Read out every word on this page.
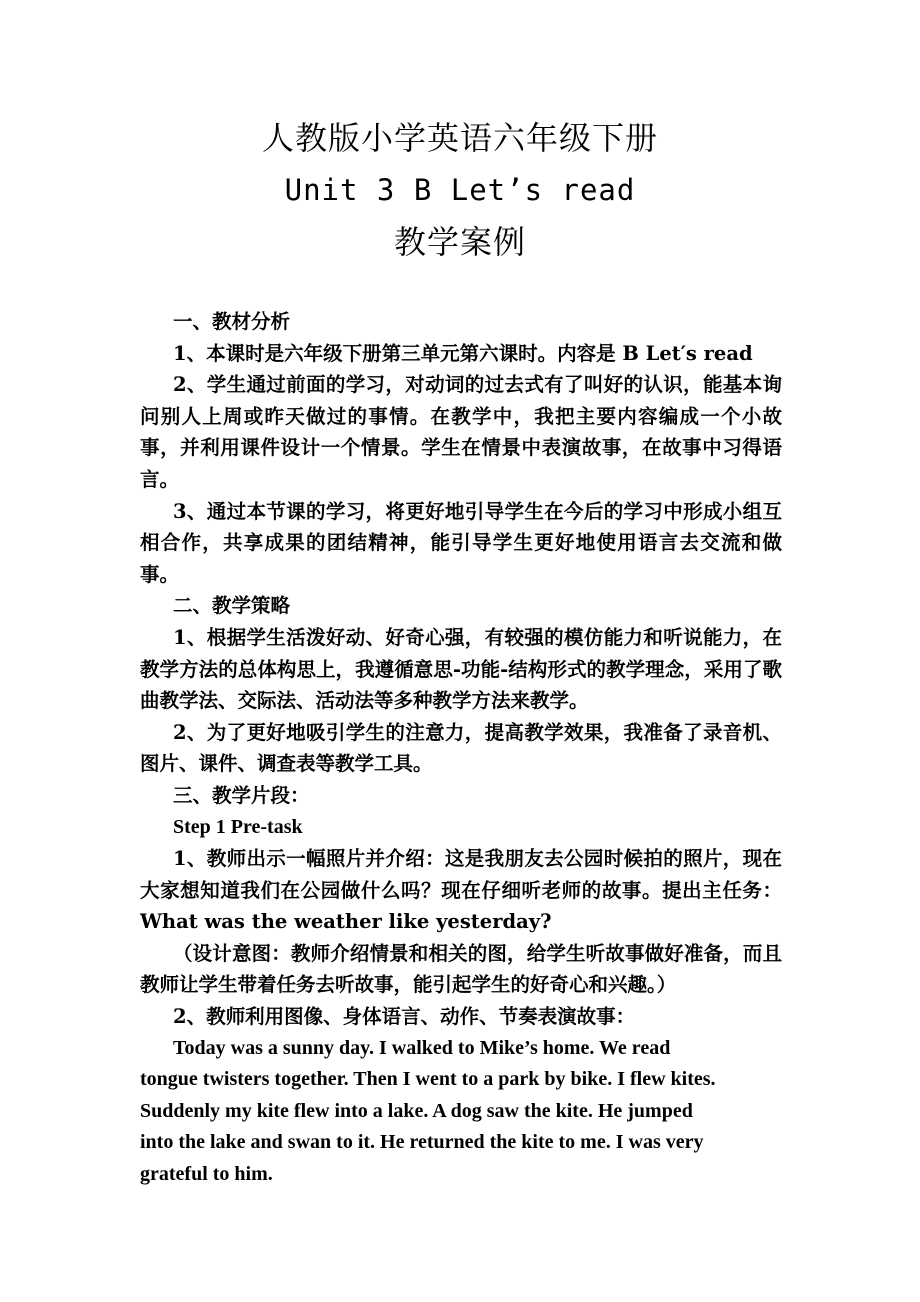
人教版小学英语六年级下册

Unit 3 B Let’s read

教学案例

一、教材分析

1、本课时是六年级下册第三单元第六课时。内容是 B Let′s read

2、学生通过前面的学习，对动词的过去式有了叫好的认识，能基本询问别人上周或昨天做过的事情。在教学中，我把主要内容编成一个小故事，并利用课件设计一个情景。学生在情景中表演故事，在故事中习得语言。

3、通过本节课的学习，将更好地引导学生在今后的学习中形成小组互相合作，共享成果的团结精神，能引导学生更好地使用语言去交流和做事。

二、教学策略

1、根据学生活泼好动、好奇心强，有较强的模仿能力和听说能力，在教学方法的总体构思上，我遵循意思-功能-结构形式的教学理念，采用了歌曲教学法、交际法、活动法等多种教学方法来教学。

2、为了更好地吸引学生的注意力，提高教学效果，我准备了录音机、图片、课件、调查表等教学工具。

三、教学片段：

Step 1 Pre-task

1、教师出示一幅照片并介绍：这是我朋友去公园时候拍的照片，现在大家想知道我们在公园做什么吗？现在仔细听老师的故事。提出主任务：What was the weather like yesterday?

（设计意图：教师介绍情景和相关的图，给学生听故事做好准备，而且教师让学生带着任务去听故事，能引起学生的好奇心和兴趣。）

2、教师利用图像、身体语言、动作、节奏表演故事：

Today was a sunny day. I walked to Mike’s home. We read

tongue twisters together. Then I went to a park by bike. I flew kites.

Suddenly my kite flew into a lake. A dog saw the kite. He jumped

into the lake and swan to it. He returned the kite to me. I was very

grateful to him.
